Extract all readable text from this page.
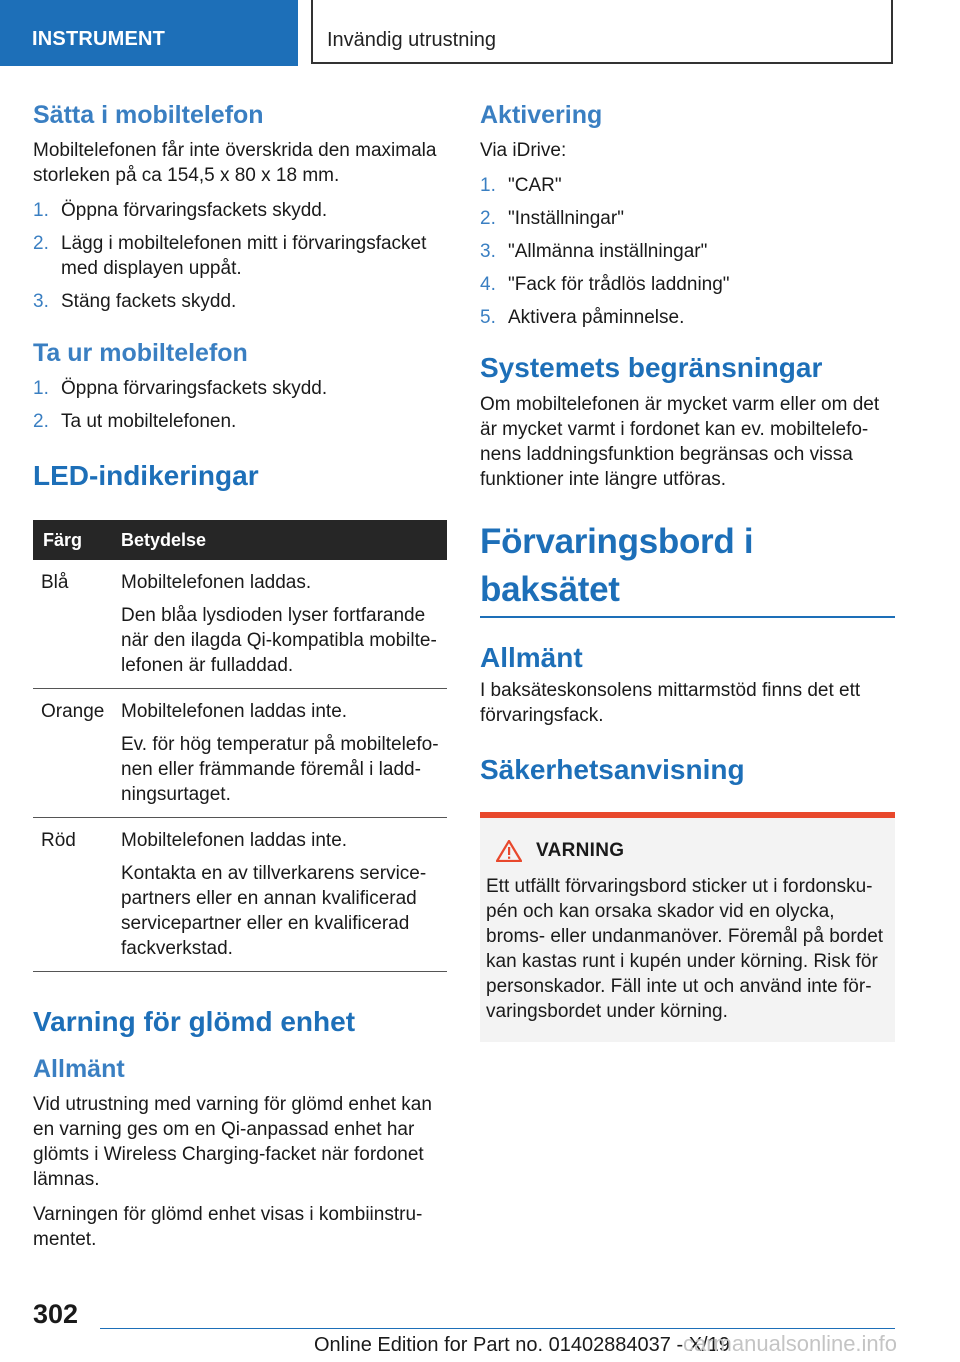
INSTRUMENT	Invändig utrustning
Sätta i mobiltelefon

Mobiltelefonen får inte överskrida den maximala storleken på ca 154,5 x 80 x 18 mm.

1. Öppna förvaringsfackets skydd.
2. Lägg i mobiltelefonen mitt i förvaringsfacket med displayen uppåt.
3. Stäng fackets skydd.
Ta ur mobiltelefon
1. Öppna förvaringsfackets skydd.
2. Ta ut mobiltelefonen.
LED-indikeringar
Färg	Betydelse
Blå	Mobiltelefonen laddas.
Den blåa lysdioden lyser fortfarande när den ilagda Qi-kompatibla mobiltelefonen är fulladdad.

Orange	Mobiltelefonen laddas inte.
Ev. för hög temperatur på mobiltelefonen eller främmande föremål i laddningsurtaget.

Röd	Mobiltelefonen laddas inte.
Kontakta en av tillverkarens servicepartners eller en annan kvalificerad servicepartner eller en kvalificerad fackverkstad.
Varning för glömd enhet
Allmänt

Vid utrustning med varning för glömd enhet kan en varning ges om en Qi-anpassad enhet har glömts i Wireless Charging-facket när fordonet lämnas.

Varningen för glömd enhet visas i kombiinstrumentet.

Aktivering

Via iDrive:

1. "CAR"
2. "Inställningar"
3. "Allmänna inställningar"
4. "Fack för trådlös laddning"
5. Aktivera påminnelse.
Systemets begränsningar

Om mobiltelefonen är mycket varm eller om det är mycket varmt i fordonet kan ev. mobiltelefonens laddningsfunktion begränsas och vissa funktioner inte längre utföras.

Förvaringsbord i baksätet
Allmänt

I baksäteskonsolens mittarmstöd finns det ett förvaringsfack.

Säkerhetsanvisning
VARNING

Ett utfällt förvaringsbord sticker ut i fordonskupén och kan orsaka skador vid en olycka, broms- eller undanmanöver. Föremål på bordet kan kastas runt i kupén under körning. Risk för personskador. Fäll inte ut och använd inte förvaringsbordet under körning.

302
Online Edition for Part no. 01402884037 - X/19
carmanualsonline.info
